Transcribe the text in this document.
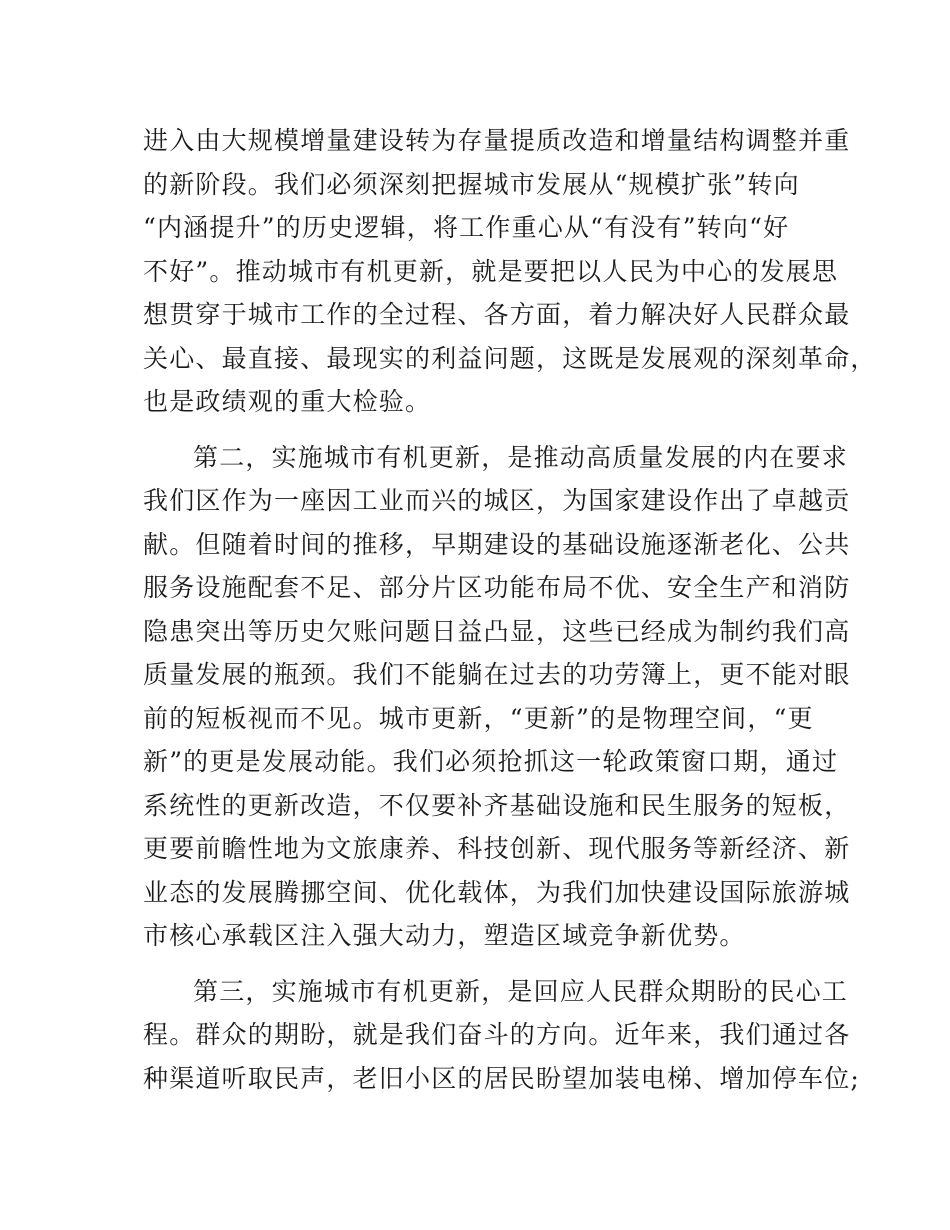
进入由大规模增量建设转为存量提质改造和增量结构调整并重
的新阶段。我们必须深刻把握城市发展从“规模扩张”转向
“内涵提升”的历史逻辑，将工作重心从“有没有”转向“好
不好”。推动城市有机更新，就是要把以人民为中心的发展思
想贯穿于城市工作的全过程、各方面，着力解决好人民群众最
关心、最直接、最现实的利益问题，这既是发展观的深刻革命，
也是政绩观的重大检验。
第二，实施城市有机更新，是推动高质量发展的内在要求
我们区作为一座因工业而兴的城区，为国家建设作出了卓越贡
献。但随着时间的推移，早期建设的基础设施逐渐老化、公共
服务设施配套不足、部分片区功能布局不优、安全生产和消防
隐患突出等历史欠账问题日益凸显，这些已经成为制约我们高
质量发展的瓶颈。我们不能躺在过去的功劳簿上，更不能对眼
前的短板视而不见。城市更新，“更新”的是物理空间，“更
新”的更是发展动能。我们必须抢抓这一轮政策窗口期，通过
系统性的更新改造，不仅要补齐基础设施和民生服务的短板，
更要前瞻性地为文旅康养、科技创新、现代服务等新经济、新
业态的发展腾挪空间、优化载体，为我们加快建设国际旅游城
市核心承载区注入强大动力，塑造区域竞争新优势。
第三，实施城市有机更新，是回应人民群众期盼的民心工
程。群众的期盼，就是我们奋斗的方向。近年来，我们通过各
种渠道听取民声，老旧小区的居民盼望加装电梯、增加停车位;
